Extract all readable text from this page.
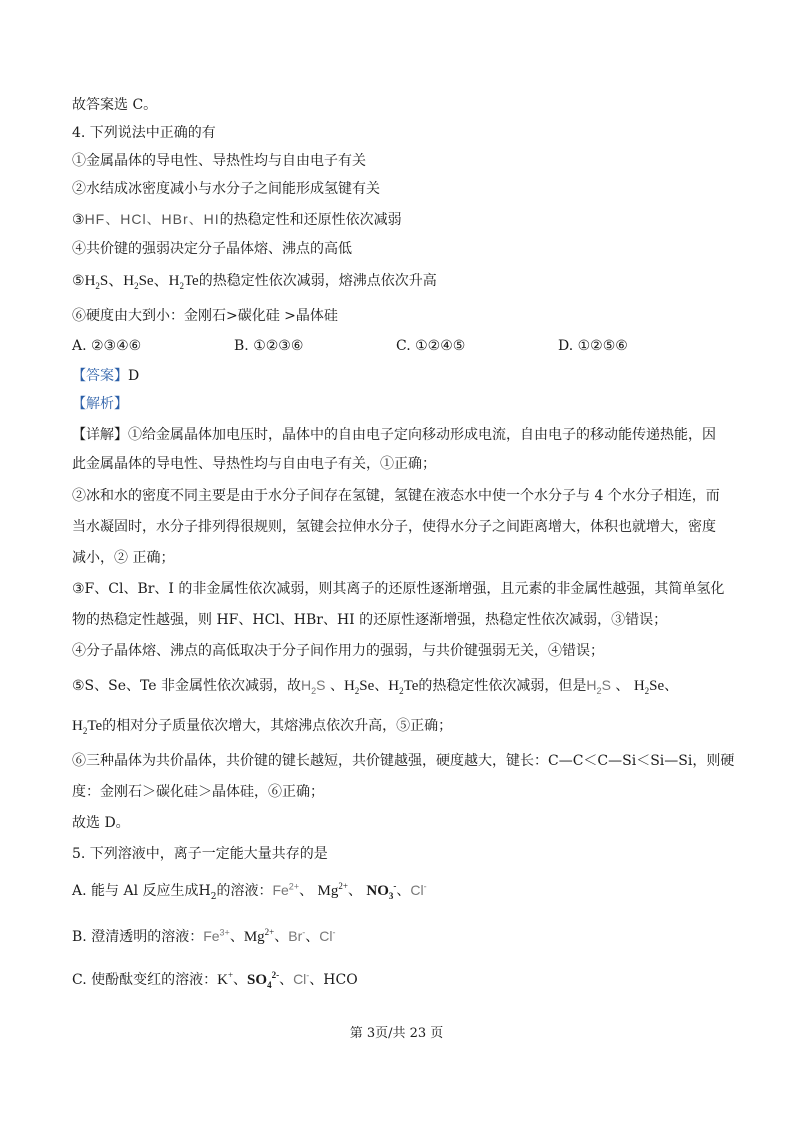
故答案选 C。
4. 下列说法中正确的有
①金属晶体的导电性、导热性均与自由电子有关
②水结成冰密度减小与水分子之间能形成氢键有关
③HF、HCl、HBr、HI的热稳定性和还原性依次减弱
④共价键的强弱决定分子晶体熔、沸点的高低
$⑤H_2S$、$H_2Se$、$H_2Te$的热稳定性依次减弱，熔沸点依次升高
⑥硬度由大到小：金刚石>碳化硅 >晶体硅
A. ②③④⑥	B. ①②③⑥	C. ①②④⑤	D. ①②⑤⑥
【答案】D
【解析】
【详解】①给金属晶体加电压时，晶体中的自由电子定向移动形成电流，自由电子的移动能传递热能，因
此金属晶体的导电性、导热性均与自由电子有关，①正确；
②冰和水的密度不同主要是由于水分子间存在氢键，氢键在液态水中使一个水分子与 4 个水分子相连，而
当水凝固时，水分子排列得很规则，氢键会拉伸水分子，使得水分子之间距离增大，体积也就增大，密度
减小，② 正确；
③F、Cl、Br、I 的非金属性依次减弱，则其离子的还原性逐渐增强，且元素的非金属性越强，其简单氢化
物的热稳定性越强，则 HF、HCl、HBr、HI 的还原性逐渐增强，热稳定性依次减弱，③错误；
④分子晶体熔、沸点的高低取决于分子间作用力的强弱，与共价键强弱无关，④错误；
⑤S、Se、Te 非金属性依次减弱，故$H_2S$ 、$H_2Se$、$H_2Te$的热稳定性依次减弱，但是$H_2S$ 、 $H_2Se$、
$H_2Te$的相对分子质量依次增大，其熔沸点依次升高，⑤正确；
⑥三种晶体为共价晶体，共价键的键长越短，共价键越强，硬度越大，键长：C—C＜C—Si＜Si—Si，则硬
度：金刚石＞碳化硅＞晶体硅，⑥正确；
故选 D。
5. 下列溶液中，离子一定能大量共存的是
A. 能与 Al 反应生成$H_2$的溶液：$Fe^{2+}$、 $Mg^{2+}$、 $NO_3^-$、Cl-
B. 澄清透明的溶液：$Fe^{3+}$、$Mg^{2+}$、Br-、Cl-
C. 使酚酞变红的溶液：K+、$SO_4^{2-}$、Cl-、HCO
第 3页/共 23 页
